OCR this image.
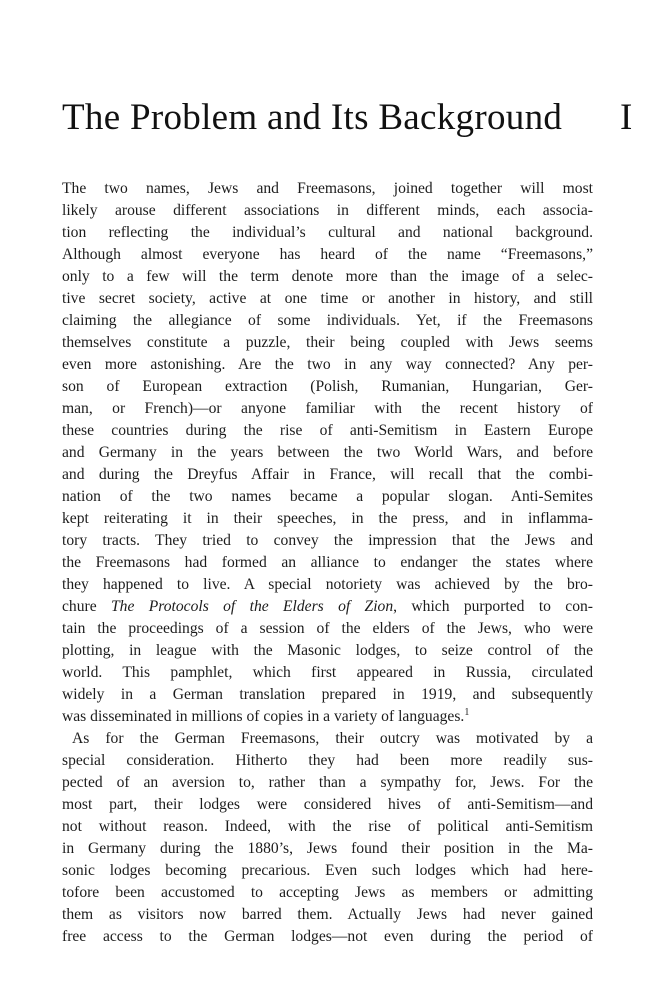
The Problem and Its Background I
The two names, Jews and Freemasons, joined together will most
likely arouse different associations in different minds, each associa-
tion reflecting the individual’s cultural and national background.
Although almost everyone has heard of the name “Freemasons,”
only to a few will the term denote more than the image of a selec-
tive secret society, active at one time or another in history, and still
claiming the allegiance of some individuals. Yet, if the Freemasons
themselves constitute a puzzle, their being coupled with Jews seems
even more astonishing. Are the two in any way connected? Any per-
son of European extraction (Polish, Rumanian, Hungarian, Ger-
man, or French)—or anyone familiar with the recent history of
these countries during the rise of anti-Semitism in Eastern Europe
and Germany in the years between the two World Wars, and before
and during the Dreyfus Affair in France, will recall that the combi-
nation of the two names became a popular slogan. Anti-Semites
kept reiterating it in their speeches, in the press, and in inflamma-
tory tracts. They tried to convey the impression that the Jews and
the Freemasons had formed an alliance to endanger the states where
they happened to live. A special notoriety was achieved by the bro-
chure The Protocols of the Elders of Zion, which purported to con-
tain the proceedings of a session of the elders of the Jews, who were
plotting, in league with the Masonic lodges, to seize control of the
world. This pamphlet, which first appeared in Russia, circulated
widely in a German translation prepared in 1919, and subsequently
was disseminated in millions of copies in a variety of languages.$^1$
As for the German Freemasons, their outcry was motivated by a
special consideration. Hitherto they had been more readily sus-
pected of an aversion to, rather than a sympathy for, Jews. For the
most part, their lodges were considered hives of anti-Semitism—and
not without reason. Indeed, with the rise of political anti-Semitism
in Germany during the 1880’s, Jews found their position in the Ma-
sonic lodges becoming precarious. Even such lodges which had here-
tofore been accustomed to accepting Jews as members or admitting
them as visitors now barred them. Actually Jews had never gained
free access to the German lodges—not even during the period of
